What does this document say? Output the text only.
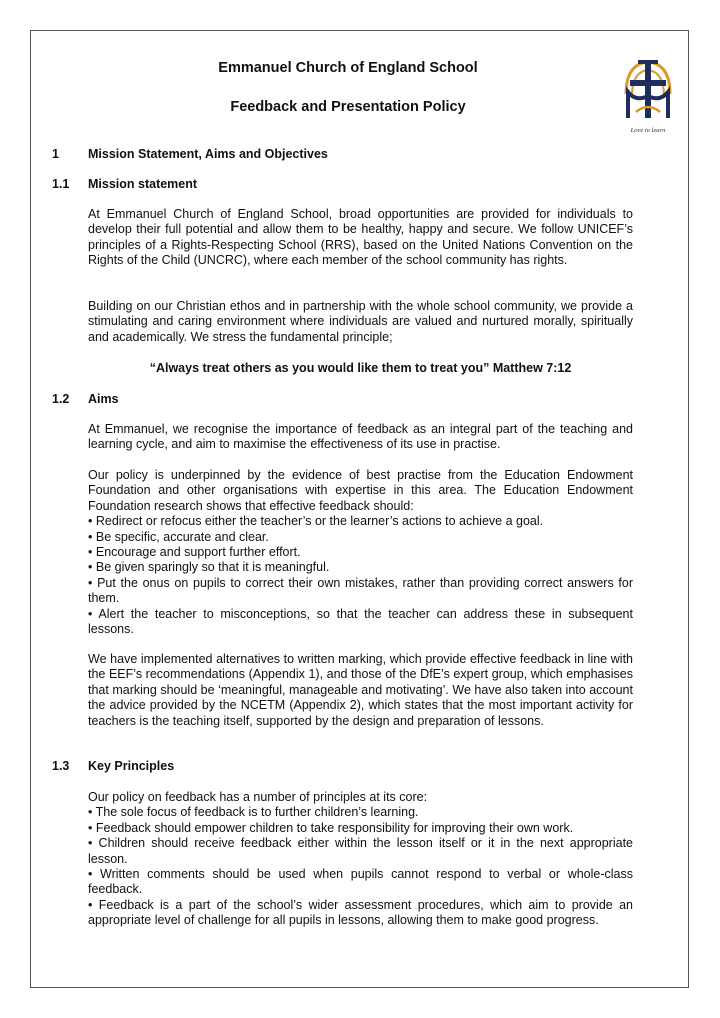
Love to learn
Emmanuel Church of England School
Feedback and Presentation Policy

1 Mission Statement, Aims and Objectives

1.1 Mission statement

At Emmanuel Church of England School, broad opportunities are provided for individuals to develop their full potential and allow them to be healthy, happy and secure. We follow UNICEF’s principles of a Rights-Respecting School (RRS), based on the United Nations Convention on the Rights of the Child (UNCRC), where each member of the school community has rights.

Building on our Christian ethos and in partnership with the whole school community, we provide a stimulating and caring environment where individuals are valued and nurtured morally, spiritually and academically. We stress the fundamental principle;

“Always treat others as you would like them to treat you” Matthew 7:12

1.2 Aims

At Emmanuel, we recognise the importance of feedback as an integral part of the teaching and learning cycle, and aim to maximise the effectiveness of its use in practise.

Our policy is underpinned by the evidence of best practise from the Education Endowment Foundation and other organisations with expertise in this area. The Education Endowment Foundation research shows that effective feedback should:
• Redirect or refocus either the teacher’s or the learner’s actions to achieve a goal.
• Be specific, accurate and clear.
• Encourage and support further effort.
• Be given sparingly so that it is meaningful.
• Put the onus on pupils to correct their own mistakes, rather than providing correct answers for them.
• Alert the teacher to misconceptions, so that the teacher can address these in subsequent lessons.

We have implemented alternatives to written marking, which provide effective feedback in line with the EEF’s recommendations (Appendix 1), and those of the DfE’s expert group, which emphasises that marking should be ‘meaningful, manageable and motivating’. We have also taken into account the advice provided by the NCETM (Appendix 2), which states that the most important activity for teachers is the teaching itself, supported by the design and preparation of lessons.

1.3 Key Principles

Our policy on feedback has a number of principles at its core:
• The sole focus of feedback is to further children’s learning.
• Feedback should empower children to take responsibility for improving their own work.
• Children should receive feedback either within the lesson itself or it in the next appropriate lesson.
• Written comments should be used when pupils cannot respond to verbal or whole-class feedback.
• Feedback is a part of the school’s wider assessment procedures, which aim to provide an appropriate level of challenge for all pupils in lessons, allowing them to make good progress.
